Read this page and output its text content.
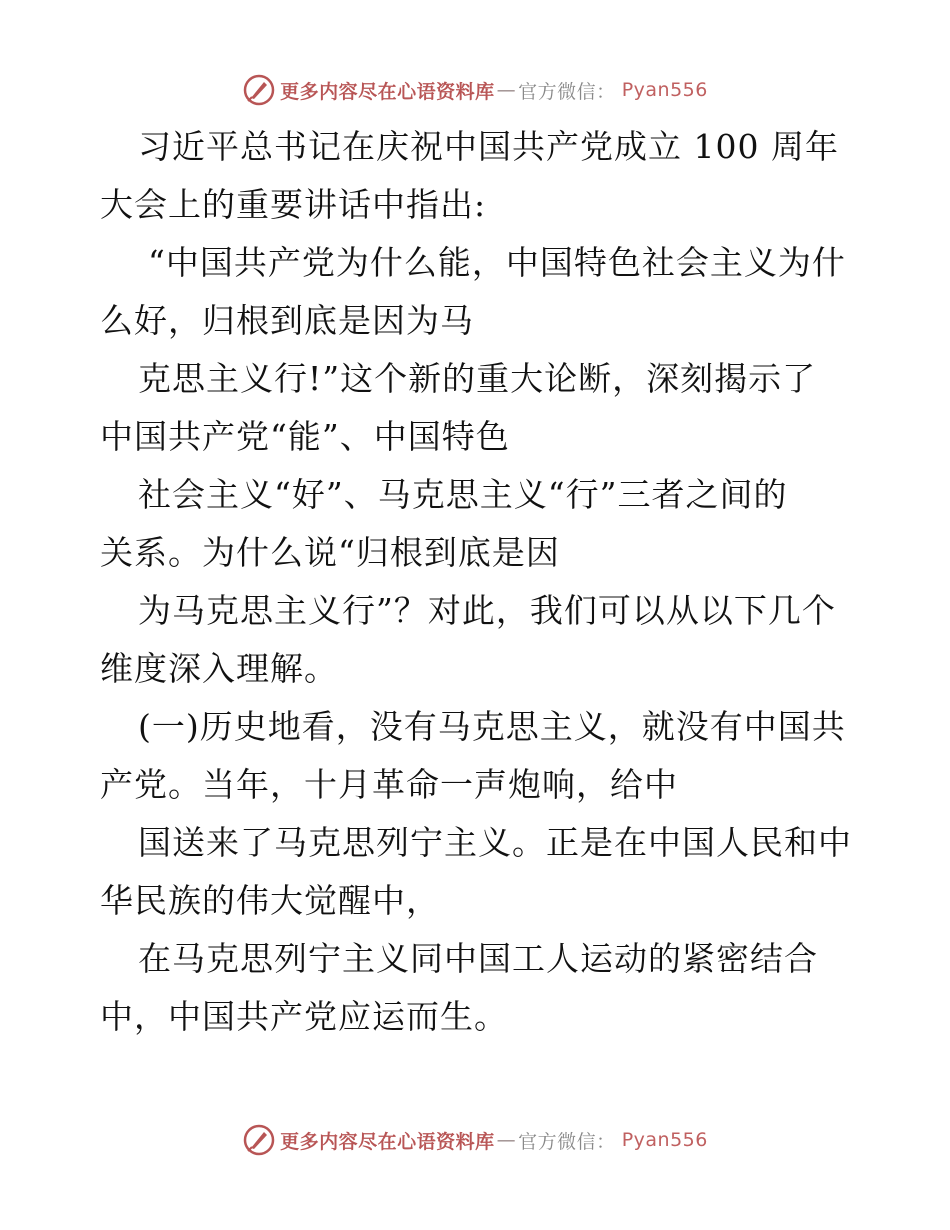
更多内容尽在心语资料库 — 官方微信： Pyan556
习近平总书记在庆祝中国共产党成立 100 周年
大会上的重要讲话中指出:
“中国共产党为什么能，中国特色社会主义为什
么好，归根到底是因为马
克思主义行!”这个新的重大论断，深刻揭示了
中国共产党“能”、中国特色
社会主义“好”、马克思主义“行”三者之间的
关系。为什么说“归根到底是因
为马克思主义行”？对此，我们可以从以下几个
维度深入理解。
(一)历史地看，没有马克思主义，就没有中国共
产党。当年，十月革命一声炮响，给中
国送来了马克思列宁主义。正是在中国人民和中
华民族的伟大觉醒中，
在马克思列宁主义同中国工人运动的紧密结合
中，中国共产党应运而生。
更多内容尽在心语资料库 — 官方微信： Pyan556
